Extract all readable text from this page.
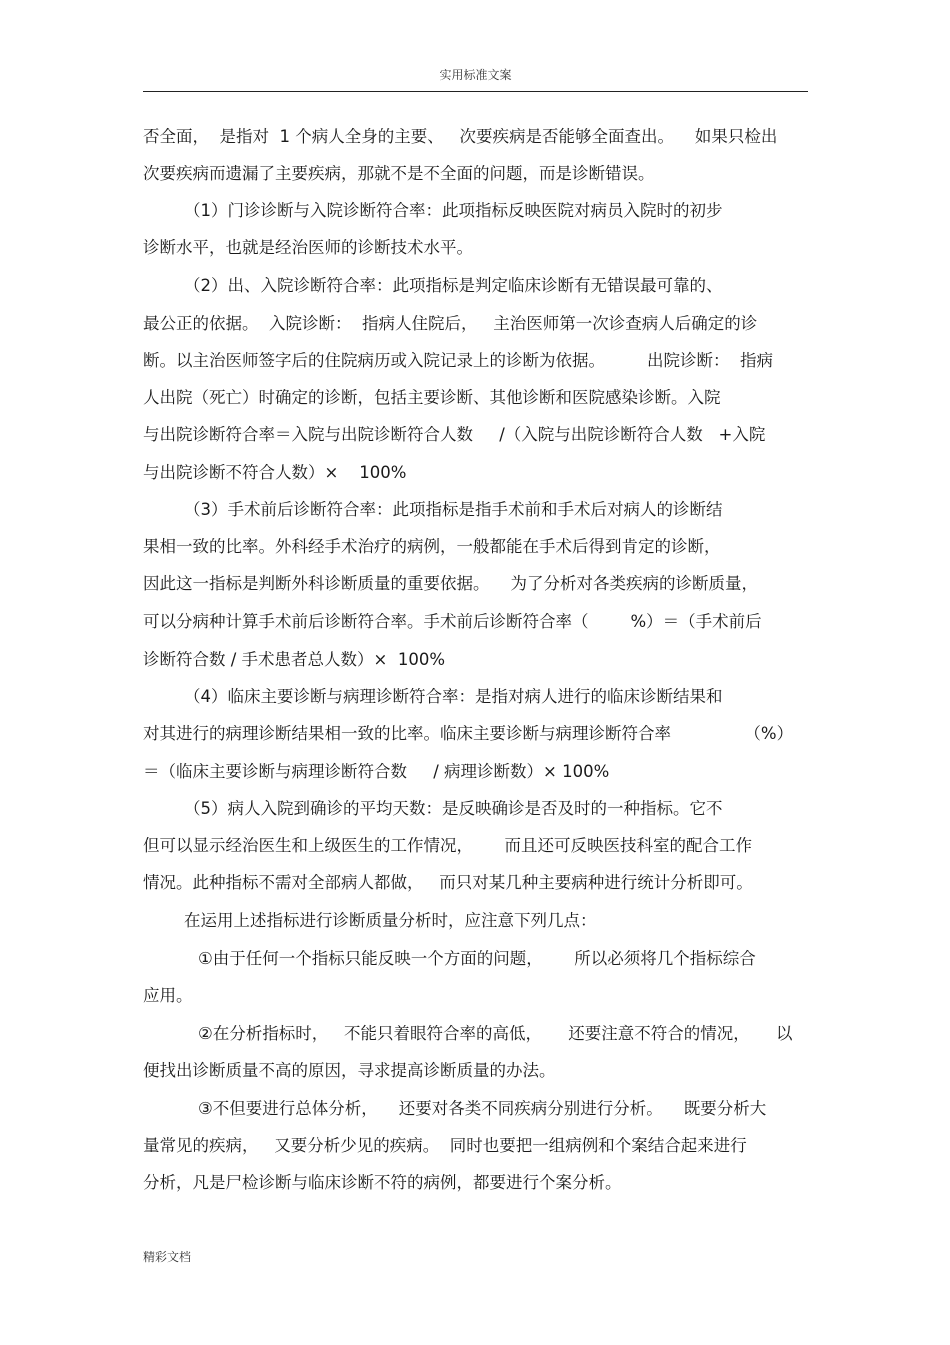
实用标准文案
否全面，  是指对  1 个病人全身的主要、   次要疾病是否能够全面查出。    如果只检出
次要疾病而遗漏了主要疾病，那就不是不全面的问题，而是诊断错误。
（1）门诊诊断与入院诊断符合率：此项指标反映医院对病员入院时的初步
诊断水平，也就是经治医师的诊断技术水平。
（2）出、入院诊断符合率：此项指标是判定临床诊断有无错误最可靠的、
最公正的依据。  入院诊断：  指病人住院后，   主治医师第一次诊查病人后确定的诊
断。以主治医师签字后的住院病历或入院记录上的诊断为依据。        出院诊断：  指病
人出院（死亡）时确定的诊断，包括主要诊断、其他诊断和医院感染诊断。入院
与出院诊断符合率＝入院与出院诊断符合人数     /（入院与出院诊断符合人数   +入院
与出院诊断不符合人数）×    100%
（3）手术前后诊断符合率：此项指标是指手术前和手术后对病人的诊断结
果相一致的比率。外科经手术治疗的病例，一般都能在手术后得到肯定的诊断，
因此这一指标是判断外科诊断质量的重要依据。    为了分析对各类疾病的诊断质量，
可以分病种计算手术前后诊断符合率。手术前后诊断符合率（        %）＝（手术前后
诊断符合数 / 手术患者总人数）×  100%
（4）临床主要诊断与病理诊断符合率：是指对病人进行的临床诊断结果和
对其进行的病理诊断结果相一致的比率。临床主要诊断与病理诊断符合率              （%）
＝（临床主要诊断与病理诊断符合数     / 病理诊断数）× 100%
（5）病人入院到确诊的平均天数：是反映确诊是否及时的一种指标。它不
但可以显示经治医生和上级医生的工作情况，      而且还可反映医技科室的配合工作
情况。此种指标不需对全部病人都做，   而只对某几种主要病种进行统计分析即可。
在运用上述指标进行诊断质量分析时，应注意下列几点：
①由于任何一个指标只能反映一个方面的问题，      所以必须将几个指标综合
应用。
②在分析指标时，   不能只着眼符合率的高低，     还要注意不符合的情况，     以
便找出诊断质量不高的原因，寻求提高诊断质量的办法。
③不但要进行总体分析，    还要对各类不同疾病分别进行分析。    既要分析大
量常见的疾病，   又要分析少见的疾病。  同时也要把一组病例和个案结合起来进行
分析，凡是尸检诊断与临床诊断不符的病例，都要进行个案分析。
精彩文档
